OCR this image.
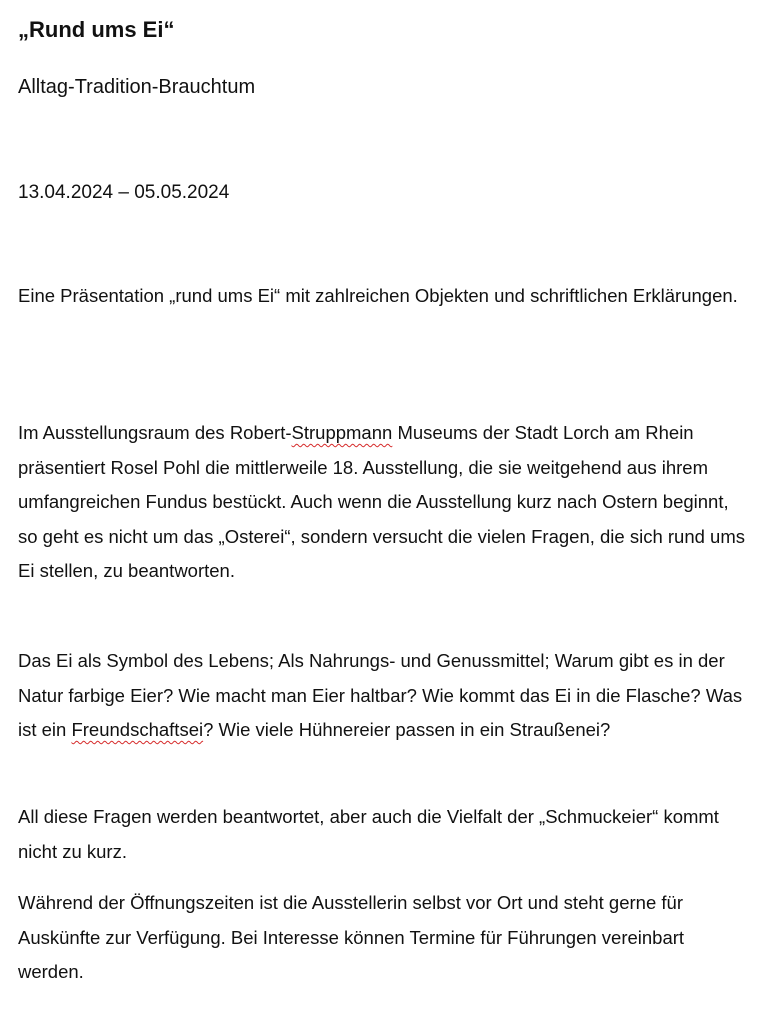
„Rund ums Ei“
Alltag-Tradition-Brauchtum
13.04.2024 – 05.05.2024

Eine Präsentation „rund ums Ei“ mit zahlreichen Objekten und schriftlichen Erklärungen.

Im Ausstellungsraum des Robert-Struppmann Museums der Stadt Lorch am Rhein präsentiert Rosel Pohl die mittlerweile 18. Ausstellung, die sie weitgehend aus ihrem umfangreichen Fundus bestückt. Auch wenn die Ausstellung kurz nach Ostern beginnt, so geht es nicht um das „Osterei“, sondern versucht die vielen Fragen, die sich rund ums Ei stellen, zu beantworten.

Das Ei als Symbol des Lebens; Als Nahrungs- und Genussmittel; Warum gibt es in der Natur farbige Eier? Wie macht man Eier haltbar? Wie kommt das Ei in die Flasche? Was ist ein Freundschaftsei? Wie viele Hühnereier passen in ein Straußenei?

All diese Fragen werden beantwortet, aber auch die Vielfalt der „Schmuckeier“ kommt nicht zu kurz.

Während der Öffnungszeiten ist die Ausstellerin selbst vor Ort und steht gerne für Auskünfte zur Verfügung. Bei Interesse können Termine für Führungen vereinbart werden.
